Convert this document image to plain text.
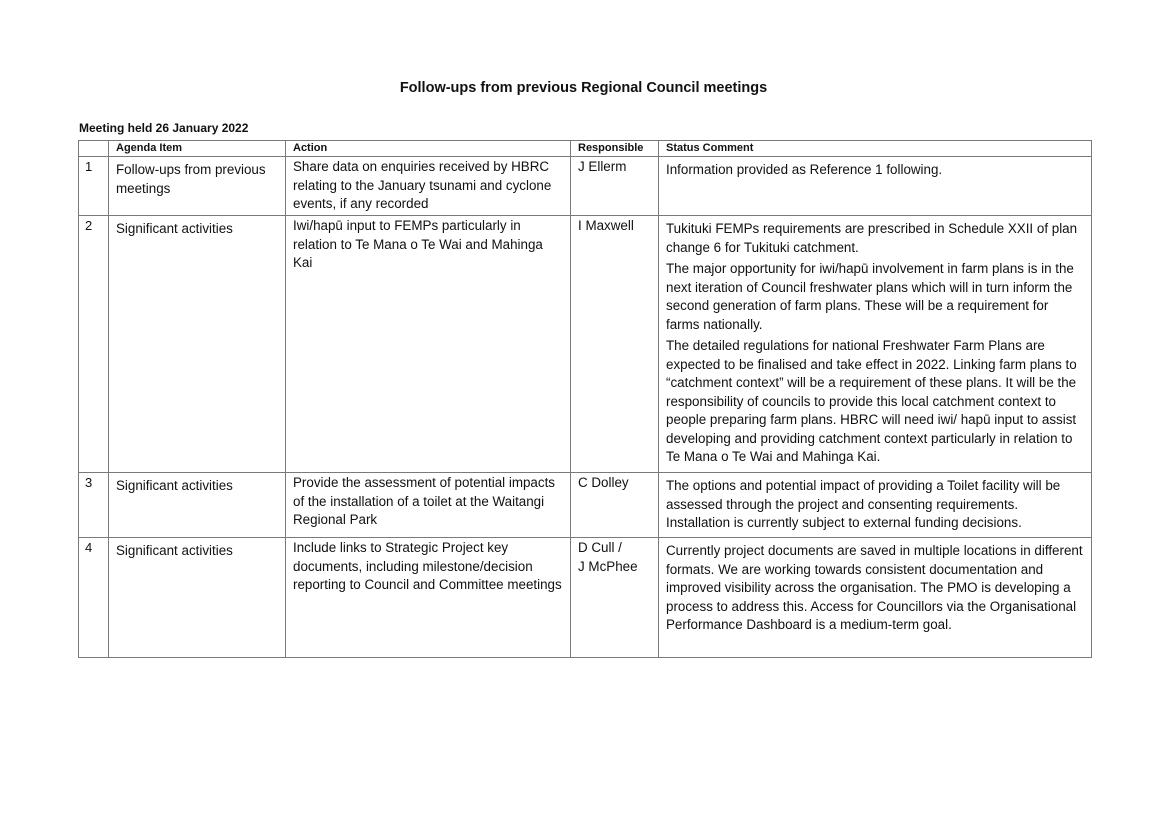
Follow-ups from previous Regional Council meetings
Meeting held 26 January 2022
	Agenda Item	Action	Responsible	Status Comment
1	Follow-ups from previous meetings	Share data on enquiries received by HBRC relating to the January tsunami and cyclone events, if any recorded	J Ellerm	Information provided as Reference 1 following.

2	Significant activities	Iwi/hapū input to FEMPs particularly in relation to Te Mana o Te Wai and Mahinga Kai	I Maxwell	Tukituki FEMPs requirements are prescribed in Schedule XXII of plan change 6 for Tukituki catchment.

The major opportunity for iwi/hapū involvement in farm plans is in the next iteration of Council freshwater plans which will in turn inform the second generation of farm plans. These will be a requirement for farms nationally.

The detailed regulations for national Freshwater Farm Plans are expected to be finalised and take effect in 2022. Linking farm plans to “catchment context” will be a requirement of these plans. It will be the responsibility of councils to provide this local catchment context to people preparing farm plans. HBRC will need iwi/ hapū input to assist developing and providing catchment context particularly in relation to Te Mana o Te Wai and Mahinga Kai.

3	Significant activities	Provide the assessment of potential impacts of the installation of a toilet at the Waitangi Regional Park	C Dolley	The options and potential impact of providing a Toilet facility will be assessed through the project and consenting requirements. Installation is currently subject to external funding decisions.

4	Significant activities	Include links to Strategic Project key documents, including milestone/decision reporting to Council and Committee meetings	D Cull /
J McPhee	Currently project documents are saved in multiple locations in different formats. We are working towards consistent documentation and improved visibility across the organisation. The PMO is developing a process to address this. Access for Councillors via the Organisational Performance Dashboard is a medium-term goal.
